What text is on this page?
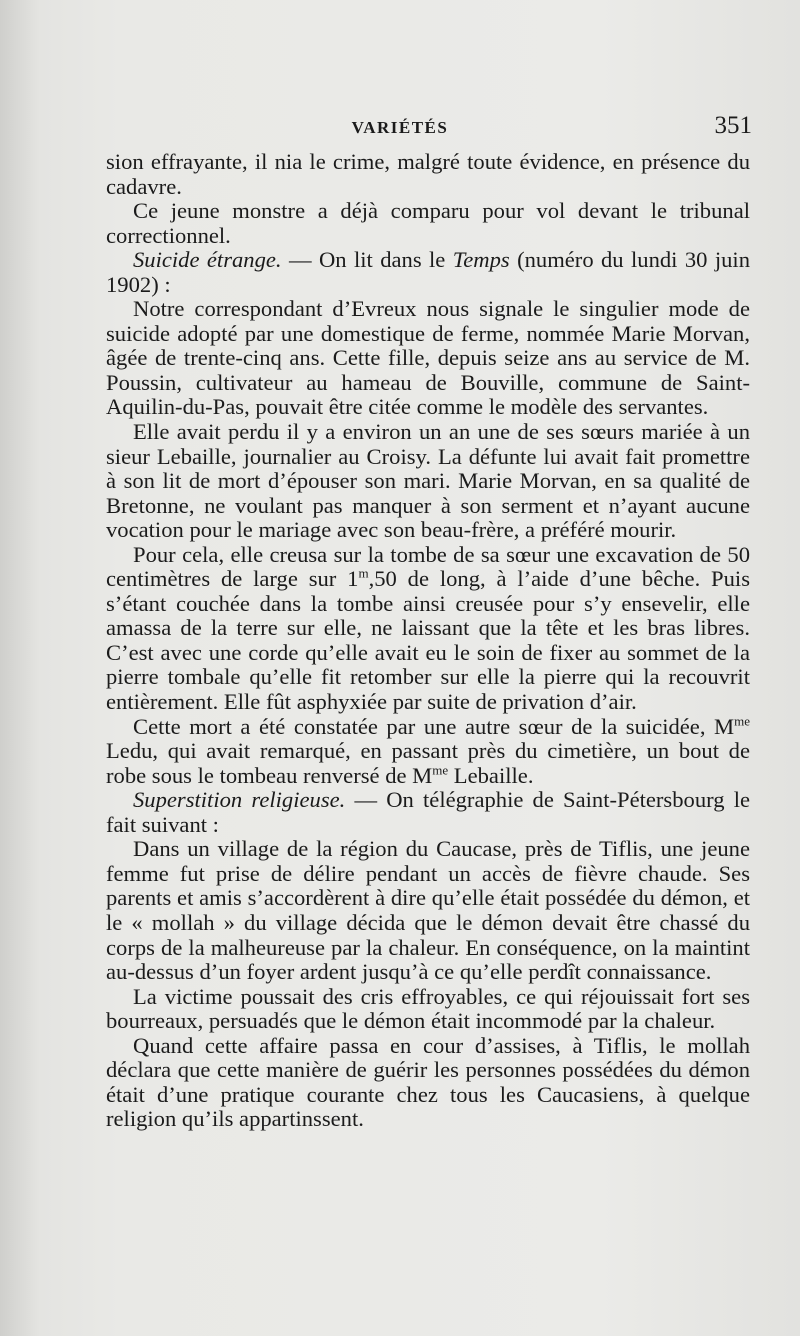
VARIÉTÉS	351

sion effrayante, il nia le crime, malgré toute évidence, en présence du cadavre.

Ce jeune monstre a déjà comparu pour vol devant le tribunal correctionnel.

Suicide étrange. — On lit dans le Temps (numéro du lundi 30 juin 1902) :

Notre correspondant d’Evreux nous signale le singulier mode de suicide adopté par une domestique de ferme, nommée Marie Morvan, âgée de trente-cinq ans. Cette fille, depuis seize ans au service de M. Poussin, cultivateur au hameau de Bouville, commune de Saint-Aquilin-du-Pas, pouvait être citée comme le modèle des servantes.

Elle avait perdu il y a environ un an une de ses sœurs mariée à un sieur Lebaille, journalier au Croisy. La défunte lui avait fait promettre à son lit de mort d’épouser son mari. Marie Morvan, en sa qualité de Bretonne, ne voulant pas manquer à son serment et n’ayant aucune vocation pour le mariage avec son beau-frère, a préféré mourir.

Pour cela, elle creusa sur la tombe de sa sœur une excavation de 50 centimètres de large sur 1$^m$,50 de long, à l’aide d’une bêche. Puis s’étant couchée dans la tombe ainsi creusée pour s’y ensevelir, elle amassa de la terre sur elle, ne laissant que la tête et les bras libres. C’est avec une corde qu’elle avait eu le soin de fixer au sommet de la pierre tombale qu’elle fit retomber sur elle la pierre qui la recouvrit entièrement. Elle fût asphyxiée par suite de privation d’air.

Cette mort a été constatée par une autre sœur de la suicidée, $M^{me}$ Ledu, qui avait remarqué, en passant près du cimetière, un bout de robe sous le tombeau renversé de $M^{me}$ Lebaille.

Superstition religieuse. — On télégraphie de Saint-Pétersbourg le fait suivant :

Dans un village de la région du Caucase, près de Tiflis, une jeune femme fut prise de délire pendant un accès de fièvre chaude. Ses parents et amis s’accordèrent à dire qu’elle était possédée du démon, et le « mollah » du village décida que le démon devait être chassé du corps de la malheureuse par la chaleur. En conséquence, on la maintint au-dessus d’un foyer ardent jusqu’à ce qu’elle perdît connaissance.

La victime poussait des cris effroyables, ce qui réjouissait fort ses bourreaux, persuadés que le démon était incommodé par la chaleur.

Quand cette affaire passa en cour d’assises, à Tiflis, le mollah déclara que cette manière de guérir les personnes possédées du démon était d’une pratique courante chez tous les Caucasiens, à quelque religion qu’ils appartinssent.
